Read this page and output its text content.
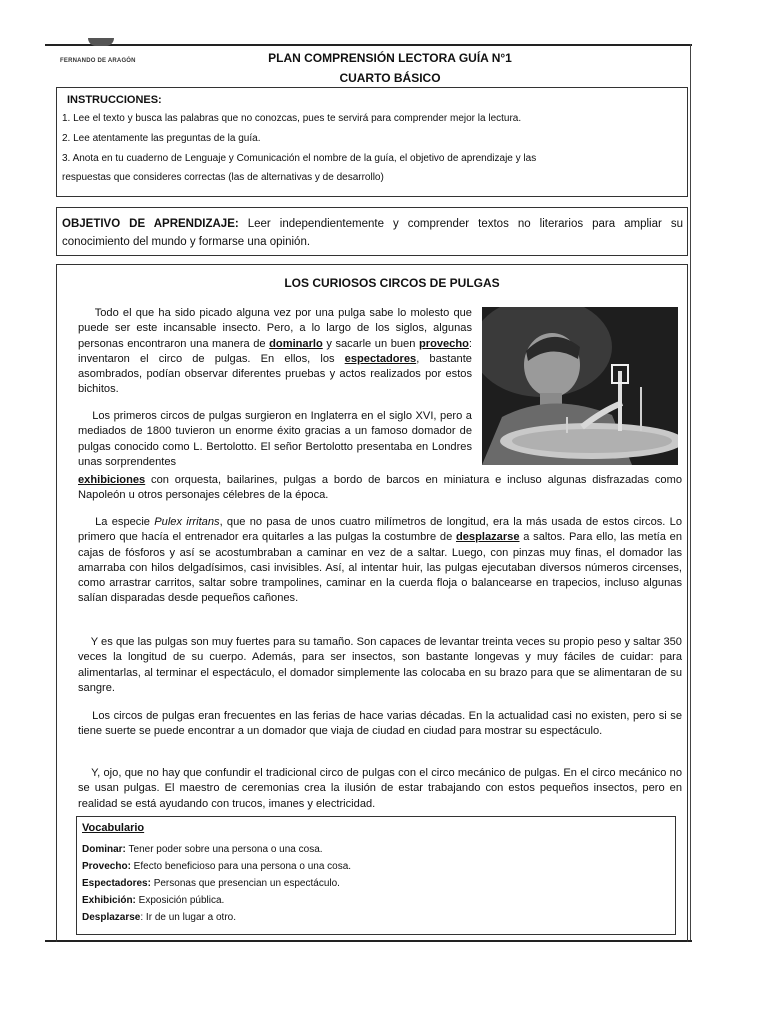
FERNANDO DE ARAGÓN	PLAN COMPRENSIÓN LECTORA GUÍA N°1
CUARTO BÁSICO
INSTRUCCIONES:
1. Lee el texto y busca las palabras que no conozcas, pues te servirá para comprender mejor la lectura.
2. Lee atentamente las preguntas de la guía.
3. Anota en tu cuaderno de Lenguaje y Comunicación el nombre de la guía, el objetivo de aprendizaje y las
respuestas que consideres correctas (las de alternativas y de desarrollo)
OBJETIVO DE APRENDIZAJE: Leer independientemente y comprender textos no literarios para ampliar su conocimiento del mundo y formarse una opinión.
LOS CURIOSOS CIRCOS DE PULGAS

Todo el que ha sido picado alguna vez por una pulga sabe lo molesto que puede ser este incansable insecto. Pero, a lo largo de los siglos, algunas personas encontraron una manera de dominarlo y sacarle un buen provecho: inventaron el circo de pulgas. En ellos, los espectadores, bastante asombrados, podían observar diferentes pruebas y actos realizados por estos bichitos.

Los primeros circos de pulgas surgieron en Inglaterra en el siglo XVI, pero a mediados de 1800 tuvieron un enorme éxito gracias a un famoso domador de pulgas conocido como L. Bertolotto. El señor Bertolotto presentaba en Londres unas sorprendentes

exhibiciones con orquesta, bailarines, pulgas a bordo de barcos en miniatura e incluso algunas disfrazadas como Napoleón u otros personajes célebres de la época.

La especie Pulex irritans, que no pasa de unos cuatro milímetros de longitud, era la más usada de estos circos. Lo primero que hacía el entrenador era quitarles a las pulgas la costumbre de desplazarse a saltos. Para ello, las metía en cajas de fósforos y así se acostumbraban a caminar en vez de a saltar. Luego, con pinzas muy finas, el domador las amarraba con hilos delgadísimos, casi invisibles. Así, al intentar huir, las pulgas ejecutaban diversos números circenses, como arrastrar carritos, saltar sobre trampolines, caminar en la cuerda floja o balancearse en trapecios, incluso algunas salían disparadas desde pequeños cañones.

Y es que las pulgas son muy fuertes para su tamaño. Son capaces de levantar treinta veces su propio peso y saltar 350 veces la longitud de su cuerpo. Además, para ser insectos, son bastante longevas y muy fáciles de cuidar: para alimentarlas, al terminar el espectáculo, el domador simplemente las colocaba en su brazo para que se alimentaran de su sangre.

Los circos de pulgas eran frecuentes en las ferias de hace varias décadas. En la actualidad casi no existen, pero si se tiene suerte se puede encontrar a un domador que viaja de ciudad en ciudad para mostrar su espectáculo.

Y, ojo, que no hay que confundir el tradicional circo de pulgas con el circo mecánico de pulgas. En el circo mecánico no se usan pulgas. El maestro de ceremonias crea la ilusión de estar trabajando con estos pequeños insectos, pero en realidad se está ayudando con trucos, imanes y electricidad.

Vocabulario
Dominar: Tener poder sobre una persona o una cosa.
Provecho: Efecto beneficioso para una persona o una cosa.
Espectadores: Personas que presencian un espectáculo.
Exhibición: Exposición pública.
Desplazarse: Ir de un lugar a otro.
